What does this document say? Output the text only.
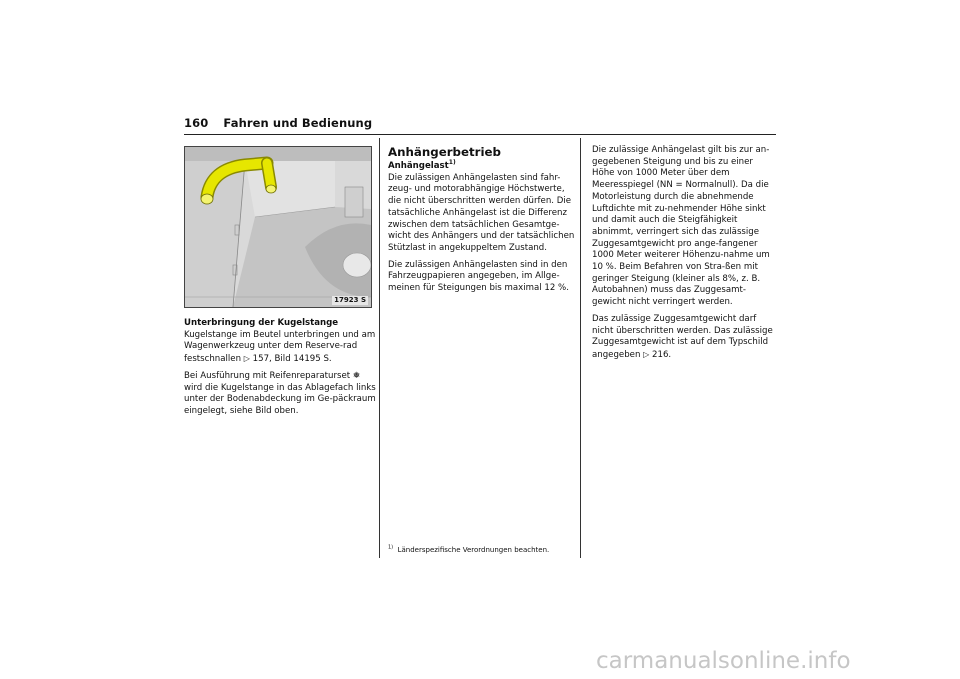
160 Fahren und Bedienung
17923 S

Unterbringung der Kugelstange
Kugelstange im Beutel unterbringen und am Wagenwerkzeug unter dem Reserve-rad festschnallen ▷ 157, Bild 14195 S.

Bei Ausführung mit Reifenreparaturset ❅ wird die Kugelstange in das Ablagefach links unter der Bodenabdeckung im Ge-päckraum eingelegt, siehe Bild oben.

Anhängerbetrieb

Anhängelast$^{1)}$
Die zulässigen Anhängelasten sind fahr-zeug- und motorabhängige Höchstwerte, die nicht überschritten werden dürfen. Die tatsächliche Anhängelast ist die Differenz zwischen dem tatsächlichen Gesamtge-wicht des Anhängers und der tatsächlichen Stützlast in angekuppeltem Zustand.

Die zulässigen Anhängelasten sind in den Fahrzeugpapieren angegeben, im Allge-meinen für Steigungen bis maximal 12 %.

$^{1)}$ Länderspezifische Verordnungen beachten.

Die zulässige Anhängelast gilt bis zur an-gegebenen Steigung und bis zu einer Höhe von 1000 Meter über dem Meeresspiegel (NN = Normalnull). Da die Motorleistung durch die abnehmende Luftdichte mit zu-nehmender Höhe sinkt und damit auch die Steigfähigkeit abnimmt, verringert sich das zulässige Zuggesamtgewicht pro ange-fangener 1000 Meter weiterer Höhenzu-nahme um 10 %. Beim Befahren von Stra-ßen mit geringer Steigung (kleiner als 8%, z. B. Autobahnen) muss das Zuggesamt-gewicht nicht verringert werden.

Das zulässige Zuggesamtgewicht darf nicht überschritten werden. Das zulässige Zuggesamtgewicht ist auf dem Typschild angegeben ▷ 216.

carmanualsonline.info
